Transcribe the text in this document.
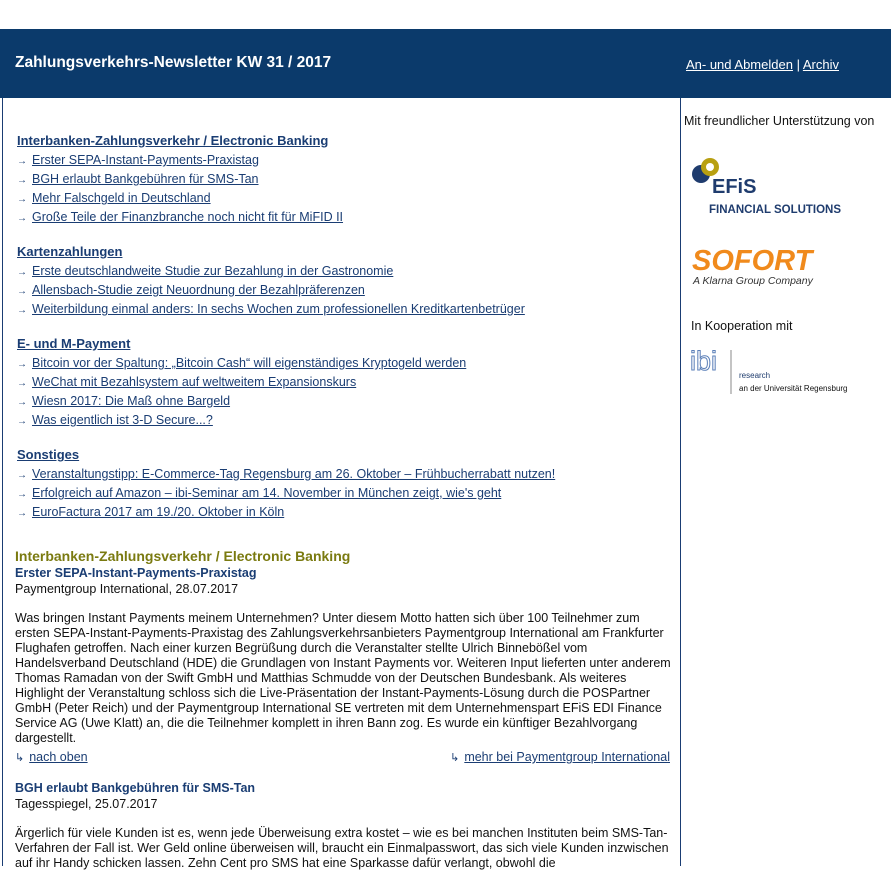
Zahlungsverkehrs-Newsletter KW 31 / 2017	An- und Abmelden | Archiv
Interbanken-Zahlungsverkehr / Electronic Banking
→ Erster SEPA-Instant-Payments-Praxistag
→ BGH erlaubt Bankgebühren für SMS-Tan
→ Mehr Falschgeld in Deutschland
→ Große Teile der Finanzbranche noch nicht fit für MiFID II
Kartenzahlungen
→ Erste deutschlandweite Studie zur Bezahlung in der Gastronomie
→ Allensbach-Studie zeigt Neuordnung der Bezahlpräferenzen
→ Weiterbildung einmal anders: In sechs Wochen zum professionellen Kreditkartenbetrüger
E- und M-Payment
→ Bitcoin vor der Spaltung: „Bitcoin Cash“ will eigenständiges Kryptogeld werden
→ WeChat mit Bezahlsystem auf weltweitem Expansionskurs
→ Wiesn 2017: Die Maß ohne Bargeld
→ Was eigentlich ist 3-D Secure...?
Sonstiges
→ Veranstaltungstipp: E-Commerce-Tag Regensburg am 26. Oktober – Frühbucherrabatt nutzen!
→ Erfolgreich auf Amazon – ibi-Seminar am 14. November in München zeigt, wie's geht
→ EuroFactura 2017 am 19./20. Oktober in Köln
Interbanken-Zahlungsverkehr / Electronic Banking
Erster SEPA-Instant-Payments-Praxistag
Paymentgroup International, 28.07.2017

Was bringen Instant Payments meinem Unternehmen? Unter diesem Motto hatten sich über 100 Teilnehmer zum ersten SEPA-Instant-Payments-Praxistag des Zahlungsverkehrsanbieters Paymentgroup International am Frankfurter Flughafen getroffen. Nach einer kurzen Begrüßung durch die Veranstalter stellte Ulrich Binnebößel vom Handelsverband Deutschland (HDE) die Grundlagen von Instant Payments vor. Weiteren Input lieferten unter anderem Thomas Ramadan von der Swift GmbH und Matthias Schmudde von der Deutschen Bundesbank. Als weiteres Highlight der Veranstaltung schloss sich die Live-Präsentation der Instant-Payments-Lösung durch die POSPartner GmbH (Peter Reich) und der Paymentgroup International SE vertreten mit dem Unternehmenspart EFiS EDI Finance Service AG (Uwe Klatt) an, die die Teilnehmer komplett in ihren Bann zog. Es wurde ein künftiger Bezahlvorgang dargestellt.

↳ nach oben	↳ mehr bei Paymentgroup International
BGH erlaubt Bankgebühren für SMS-Tan
Tagesspiegel, 25.07.2017

Ärgerlich für viele Kunden ist es, wenn jede Überweisung extra kostet – wie es bei manchen Instituten beim SMS-Tan-Verfahren der Fall ist. Wer Geld online überweisen will, braucht ein Einmalpasswort, das sich viele Kunden inzwischen auf ihr Handy schicken lassen. Zehn Cent pro SMS hat eine Sparkasse dafür verlangt, obwohl die

Mit freundlicher Unterstützung von
EFiS
FINANCIAL SOLUTIONS
SOFORT
A Klarna Group Company
In Kooperation mit
ibi	research
an der Universität Regensburg
